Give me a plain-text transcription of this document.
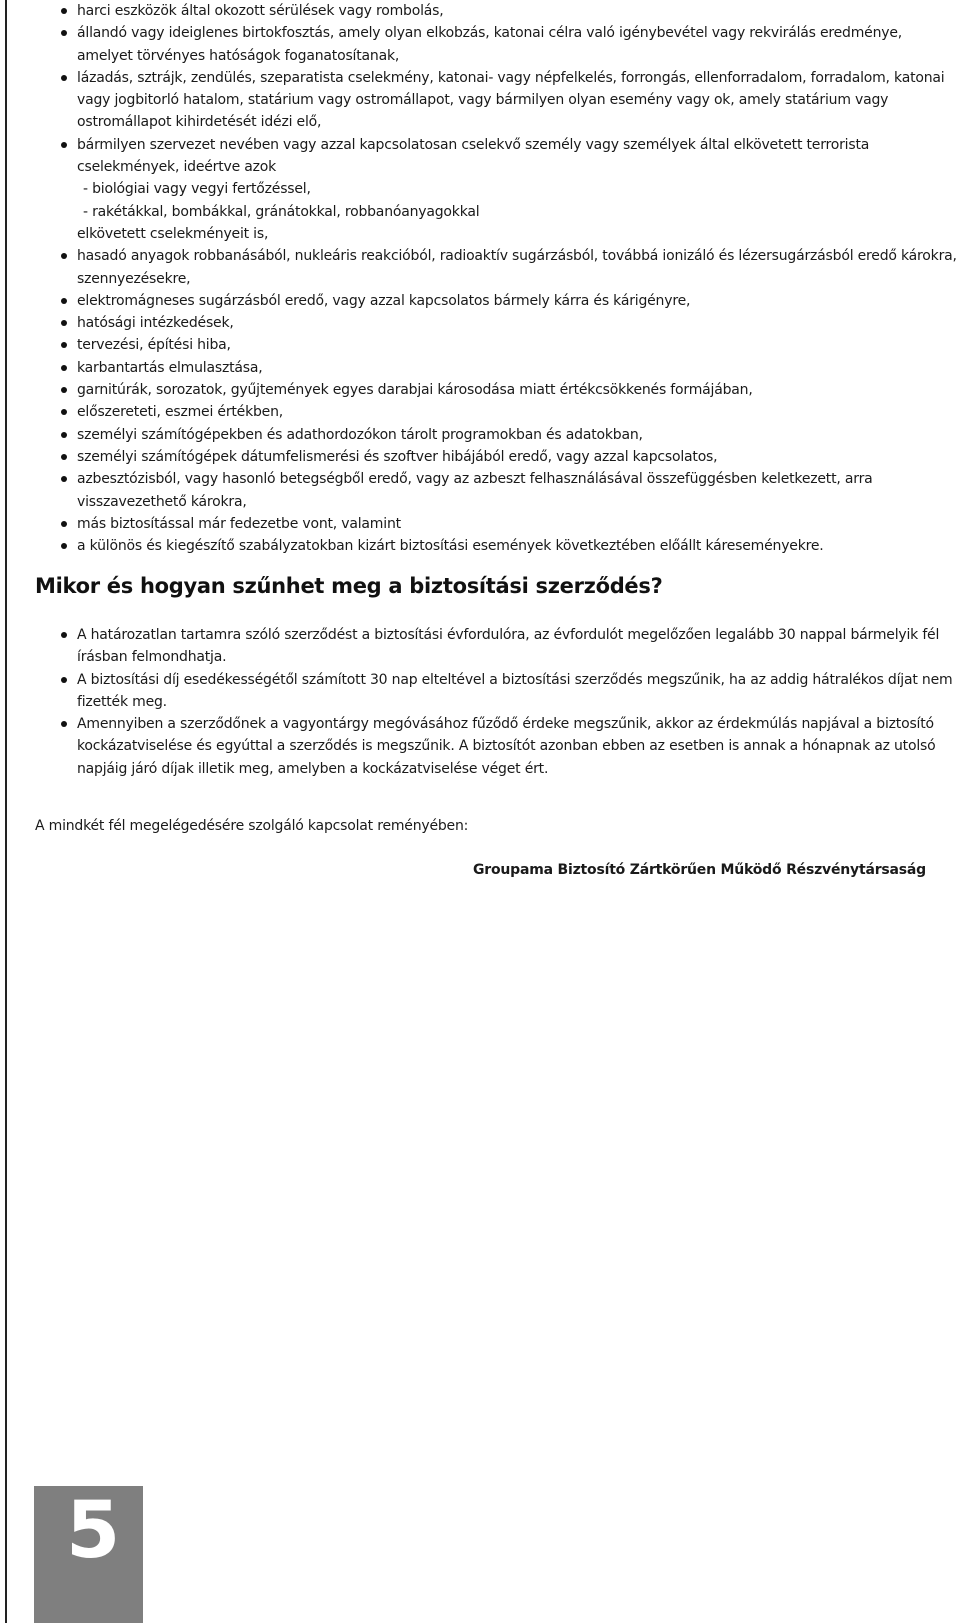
harci eszközök által okozott sérülések vagy rombolás,
állandó vagy ideiglenes birtokfosztás, amely olyan elkobzás, katonai célra való igénybevétel vagy rekvirálás eredménye, amelyet törvényes hatóságok foganatosítanak,
lázadás, sztrájk, zendülés, szeparatista cselekmény, katonai- vagy népfelkelés, forrongás, ellenforradalom, forradalom, katonai vagy jogbitorló hatalom, statárium vagy ostromállapot, vagy bármilyen olyan esemény vagy ok, amely statárium vagy ostromállapot kihirdetését idézi elő,
bármilyen szervezet nevében vagy azzal kapcsolatosan cselekvő személy vagy személyek által elkövetett terrorista cselekmények, ideértve azok
- biológiai vagy vegyi fertőzéssel,
- rakétákkal, bombákkal, gránátokkal, robbanóanyagokkal
elkövetett cselekményeit is,
hasadó anyagok robbanásából, nukleáris reakcióból, radioaktív sugárzásból, továbbá ionizáló és lézersugárzásból eredő károkra, szennyezésekre,
elektromágneses sugárzásból eredő, vagy azzal kapcsolatos bármely kárra és kárigényre,
hatósági intézkedések,
tervezési, építési hiba,
karbantartás elmulasztása,
garnitúrák, sorozatok, gyűjtemények egyes darabjai károsodása miatt értékcsökkenés formájában,
előszereteti, eszmei értékben,
személyi számítógépekben és adathordozókon tárolt programokban és adatokban,
személyi számítógépek dátumfelismerési és szoftver hibájából eredő, vagy azzal kapcsolatos,
azbesztózisból, vagy hasonló betegségből eredő, vagy az azbeszt felhasználásával összefüggésben keletkezett, arra visszavezethető károkra,
más biztosítással már fedezetbe vont, valamint
a különös és kiegészítő szabályzatokban kizárt biztosítási események következtében előállt káreseményekre.
Mikor és hogyan szűnhet meg a biztosítási szerződés?
A határozatlan tartamra szóló szerződést a biztosítási évfordulóra, az évfordulót megelőzően legalább 30 nappal bármelyik fél írásban felmondhatja.
A biztosítási díj esedékességétől számított 30 nap elteltével a biztosítási szerződés megszűnik, ha az addig hátralékos díjat nem fizették meg.
Amennyiben a szerződőnek a vagyontárgy megóvásához fűződő érdeke megszűnik, akkor az érdekmúlás napjával a biztosító kockázatviselése és egyúttal a szerződés is megszűnik. A biztosítót azonban ebben az esetben is annak a hónapnak az utolsó napjáig járó díjak illetik meg, amelyben a kockázatviselése véget ért.

A mindkét fél megelégedésére szolgáló kapcsolat reményében:

Groupama Biztosító Zártkörűen Működő Részvénytársaság

5
